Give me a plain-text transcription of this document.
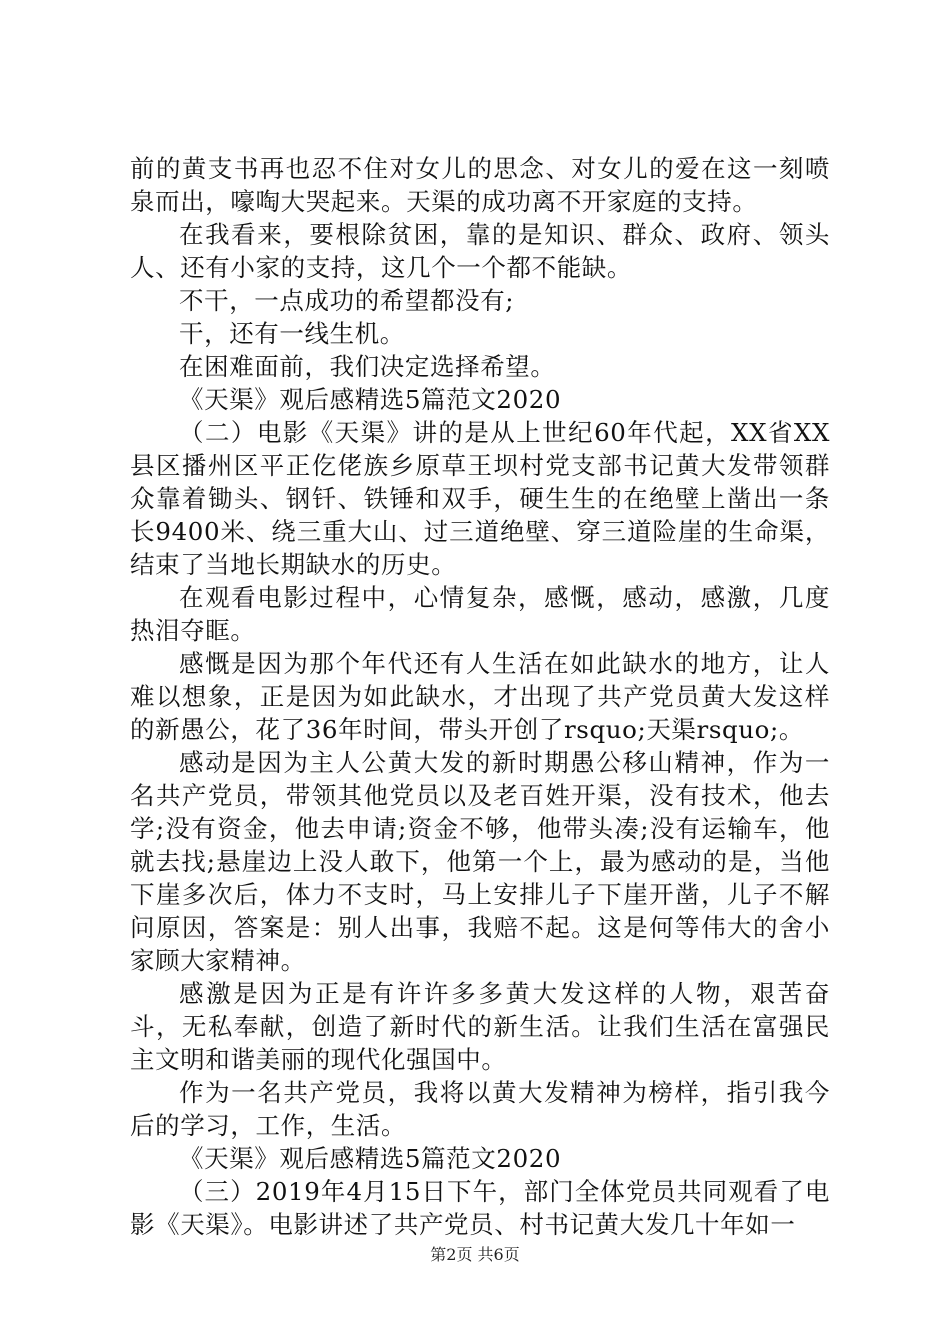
前的黄支书再也忍不住对女儿的思念、对女儿的爱在这一刻喷泉而出，嚎啕大哭起来。天渠的成功离不开家庭的支持。

在我看来，要根除贫困，靠的是知识、群众、政府、领头人、还有小家的支持，这几个一个都不能缺。

不干，一点成功的希望都没有;

干，还有一线生机。

在困难面前，我们决定选择希望。

《天渠》观后感精选5篇范文2020

（二）电影《天渠》讲的是从上世纪60年代起，XX省XX县区播州区平正仡佬族乡原草王坝村党支部书记黄大发带领群众靠着锄头、钢钎、铁锤和双手，硬生生的在绝壁上凿出一条长9400米、绕三重大山、过三道绝壁、穿三道险崖的生命渠，结束了当地长期缺水的历史。

在观看电影过程中，心情复杂，感慨，感动，感激，几度热泪夺眶。

感慨是因为那个年代还有人生活在如此缺水的地方，让人难以想象，正是因为如此缺水，才出现了共产党员黄大发这样的新愚公，花了36年时间，带头开创了rsquo;天渠rsquo;。

感动是因为主人公黄大发的新时期愚公移山精神，作为一名共产党员，带领其他党员以及老百姓开渠，没有技术，他去学;没有资金，他去申请;资金不够，他带头凑;没有运输车，他就去找;悬崖边上没人敢下，他第一个上，最为感动的是，当他下崖多次后，体力不支时，马上安排儿子下崖开凿，儿子不解问原因，答案是：别人出事，我赔不起。这是何等伟大的舍小家顾大家精神。

感激是因为正是有许许多多黄大发这样的人物，艰苦奋斗，无私奉献，创造了新时代的新生活。让我们生活在富强民主文明和谐美丽的现代化强国中。

作为一名共产党员，我将以黄大发精神为榜样，指引我今后的学习，工作，生活。

《天渠》观后感精选5篇范文2020

（三）2019年4月15日下午，部门全体党员共同观看了电影《天渠》。电影讲述了共产党员、村书记黄大发几十年如一

第2页 共6页
